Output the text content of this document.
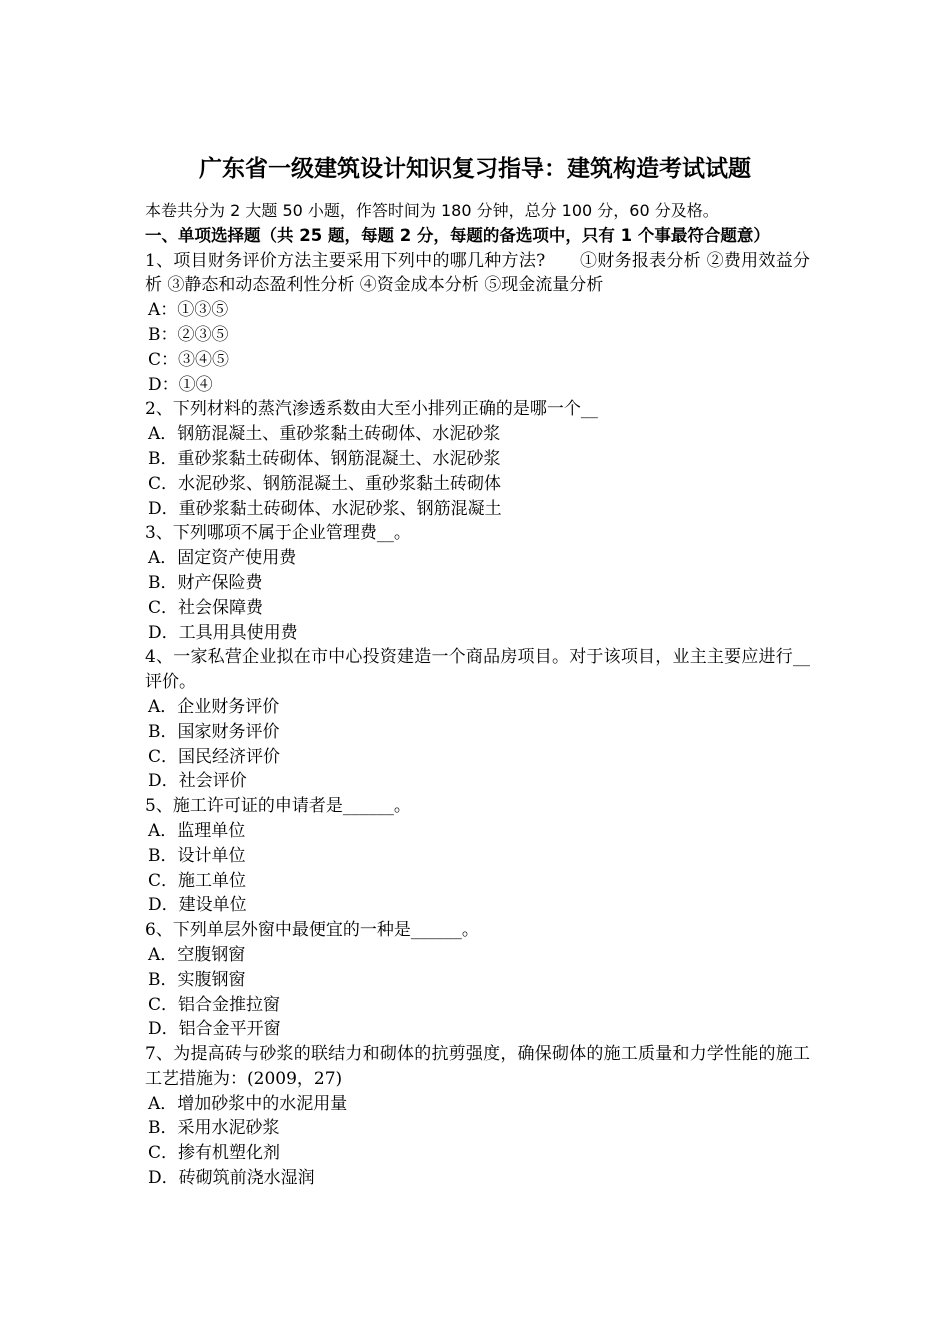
广东省一级建筑设计知识复习指导：建筑构造考试试题
本卷共分为 2 大题 50 小题，作答时间为 180 分钟，总分 100 分，60 分及格。
一、单项选择题（共 25 题，每题 2 分，每题的备选项中，只有 1 个事最符合题意）
1、项目财务评价方法主要采用下列中的哪几种方法?　　①财务报表分析 ②费用效益分析 ③静态和动态盈利性分析 ④资金成本分析 ⑤现金流量分析
A：①③⑤
B：②③⑤
C：③④⑤
D：①④
2、下列材料的蒸汽渗透系数由大至小排列正确的是哪一个__
A．钢筋混凝土、重砂浆黏土砖砌体、水泥砂浆
B．重砂浆黏土砖砌体、钢筋混凝土、水泥砂浆
C．水泥砂浆、钢筋混凝土、重砂浆黏土砖砌体
D．重砂浆黏土砖砌体、水泥砂浆、钢筋混凝土
3、下列哪项不属于企业管理费__。
A．固定资产使用费
B．财产保险费
C．社会保障费
D．工具用具使用费
4、一家私营企业拟在市中心投资建造一个商品房项目。对于该项目，业主主要应进行__评价。
A．企业财务评价
B．国家财务评价
C．国民经济评价
D．社会评价
5、施工许可证的申请者是______。
A．监理单位
B．设计单位
C．施工单位
D．建设单位
6、下列单层外窗中最便宜的一种是______。
A．空腹钢窗
B．实腹钢窗
C．铝合金推拉窗
D．铝合金平开窗
7、为提高砖与砂浆的联结力和砌体的抗剪强度，确保砌体的施工质量和力学性能的施工工艺措施为：(2009，27)
A．增加砂浆中的水泥用量
B．采用水泥砂浆
C．掺有机塑化剂
D．砖砌筑前浇水湿润
